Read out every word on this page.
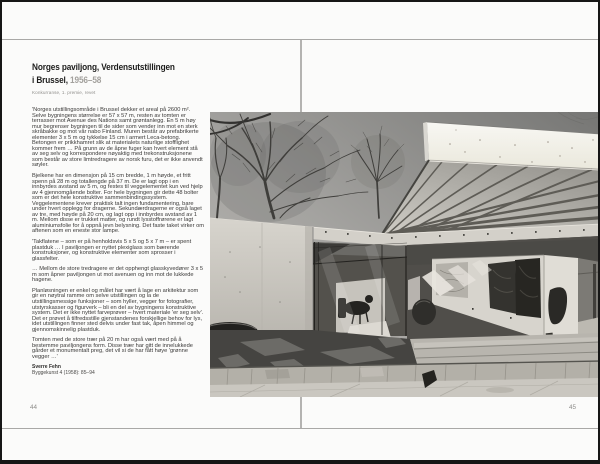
Norges paviljong, Verdensutstillingen
i Brussel, 1956–58
Konkurranse, 1. premie, revet

'Norges utstillingsområde i Brussel dekker et areal på 2600 m². Selve bygningens størrelse er 57 x 57 m, resten av tomten er terrasser mot Avenue des Nations samt grøntanlegg. En 5 m høy mur begrenser bygningen til de sider som vender inn mot en sterk skråbakke og mot vår nabo Finland. Muren består av prefabrikerte elementer 3 x 5 m og tykkelse 15 cm i armert Leca-betong. Betongen er prikkhamret slik at materialets naturlige stofflighet kommer frem … På grunn av de åpne fuger kan hvert element stå av seg selv og korrespondere nøyaktig med trekonstruksjonene som består av store limtredragere av norsk furu, det er ikke anvendt søyler.

Bjelkene har en dimensjon på 15 cm bredde, 1 m høyde, et fritt spenn på 28 m og totallengde på 37 m. De er lagt opp i en innbyrdes avstand av 5 m, og festes til veggelementet kun ved hjelp av 4 gjennomgående bolter. For hele bygningen gir dette 48 bolter som er det hele konstruktive sammenbindingssystem. Veggelementene krever praktisk talt ingen fundamentering, bare under hvert opplegg for dragerne. Sekundærdragerne er også laget av tre, med høyde på 20 cm, og lagt opp i innbyrdes avstand av 1 m. Mellom disse er trukket matter, og rundt lysstoffrørene er lagt aluminiumsfolie for å oppnå jevn belysning. Det faste taket virker om aftenen som en eneste stor lampe.

'Takflatene – som er på henholdsvis 5 x 5 og 5 x 7 m – er spent plastduk … I paviljongen er nyttet plexiglass som bærende konstruksjoner, og konstruktive elementer som sprosser i glassfelter.

… Mellom de store tredragere er det opphengt glasskyvedører 3 x 5 m som åpner paviljongen ut mot avenuen og inn mot de lukkede hagene.

Planløsningen er enkel og målet har vært å lage en arkitektur som gir en nøytral ramme om selve utstillingen og la de utstillingsmessige funksjoner – som hyller, vegger for fotografier, utstyrskasser og figurverk – bli en del av bygningens konstruktive system. Det er ikke nyttet farveprøver – hvert materiale 'er seg selv'. Det er prøvet å tilfredsstille gjenstandenes forskjellige behov for lys, idet utstillingen finner sted delvis under fast tak, åpen himmel og gjennomskinnelig plastduk.

Tomten med de store trær på 20 m har også vært med på å bestemme paviljongens form. Disse trær har gitt de innelukkede gårder et monumentalt preg, det vil si de har fått høye 'grønne vegger …'

Sverre Fehn
Byggekunst 4 (1958): 85–94
44	45
